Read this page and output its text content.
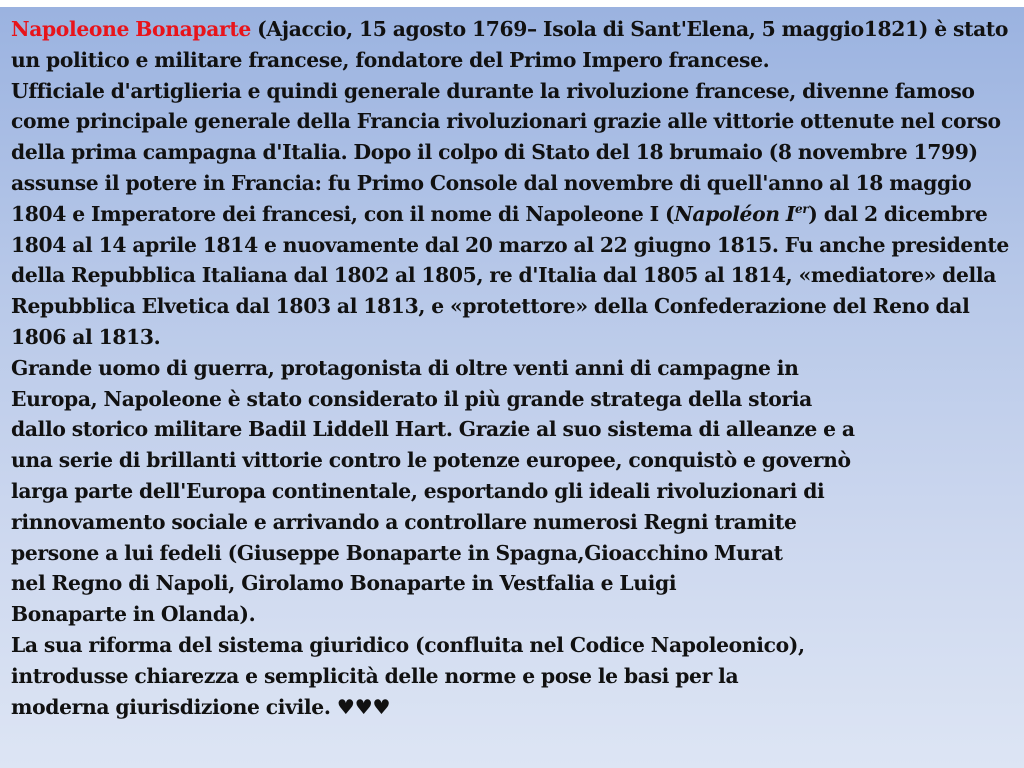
Napoleone Bonaparte (Ajaccio, 15 agosto 1769– Isola di Sant'Elena, 5 maggio1821) è stato un politico e militare francese, fondatore del Primo Impero francese.

Ufficiale d'artiglieria e quindi generale durante la rivoluzione francese, divenne famoso come principale generale della Francia rivoluzionari grazie alle vittorie ottenute nel corso della prima campagna d'Italia. Dopo il colpo di Stato del 18 brumaio (8 novembre 1799) assunse il potere in Francia: fu Primo Console dal novembre di quell'anno al 18 maggio 1804 e Imperatore dei francesi, con il nome di Napoleone I (Napoléon Ier) dal 2 dicembre 1804 al 14 aprile 1814 e nuovamente dal 20 marzo al 22 giugno 1815. Fu anche presidente della Repubblica Italiana dal 1802 al 1805, re d'Italia dal 1805 al 1814, «mediatore» della Repubblica Elvetica dal 1803 al 1813, e «protettore» della Confederazione del Reno dal 1806 al 1813.

Grande uomo di guerra, protagonista di oltre venti anni di campagne in
Europa, Napoleone è stato considerato il più grande stratega della storia
dallo storico militare Badil Liddell Hart. Grazie al suo sistema di alleanze e a
una serie di brillanti vittorie contro le potenze europee, conquistò e governò
larga parte dell'Europa continentale, esportando gli ideali rivoluzionari di
rinnovamento sociale e arrivando a controllare numerosi Regni tramite
persone a lui fedeli (Giuseppe Bonaparte in Spagna,Gioacchino Murat
nel Regno di Napoli, Girolamo Bonaparte in Vestfalia e Luigi
Bonaparte in Olanda).

La sua riforma del sistema giuridico (confluita nel Codice Napoleonico),
introdusse chiarezza e semplicità delle norme e pose le basi per la
moderna giurisdizione civile. ♥♥♥
